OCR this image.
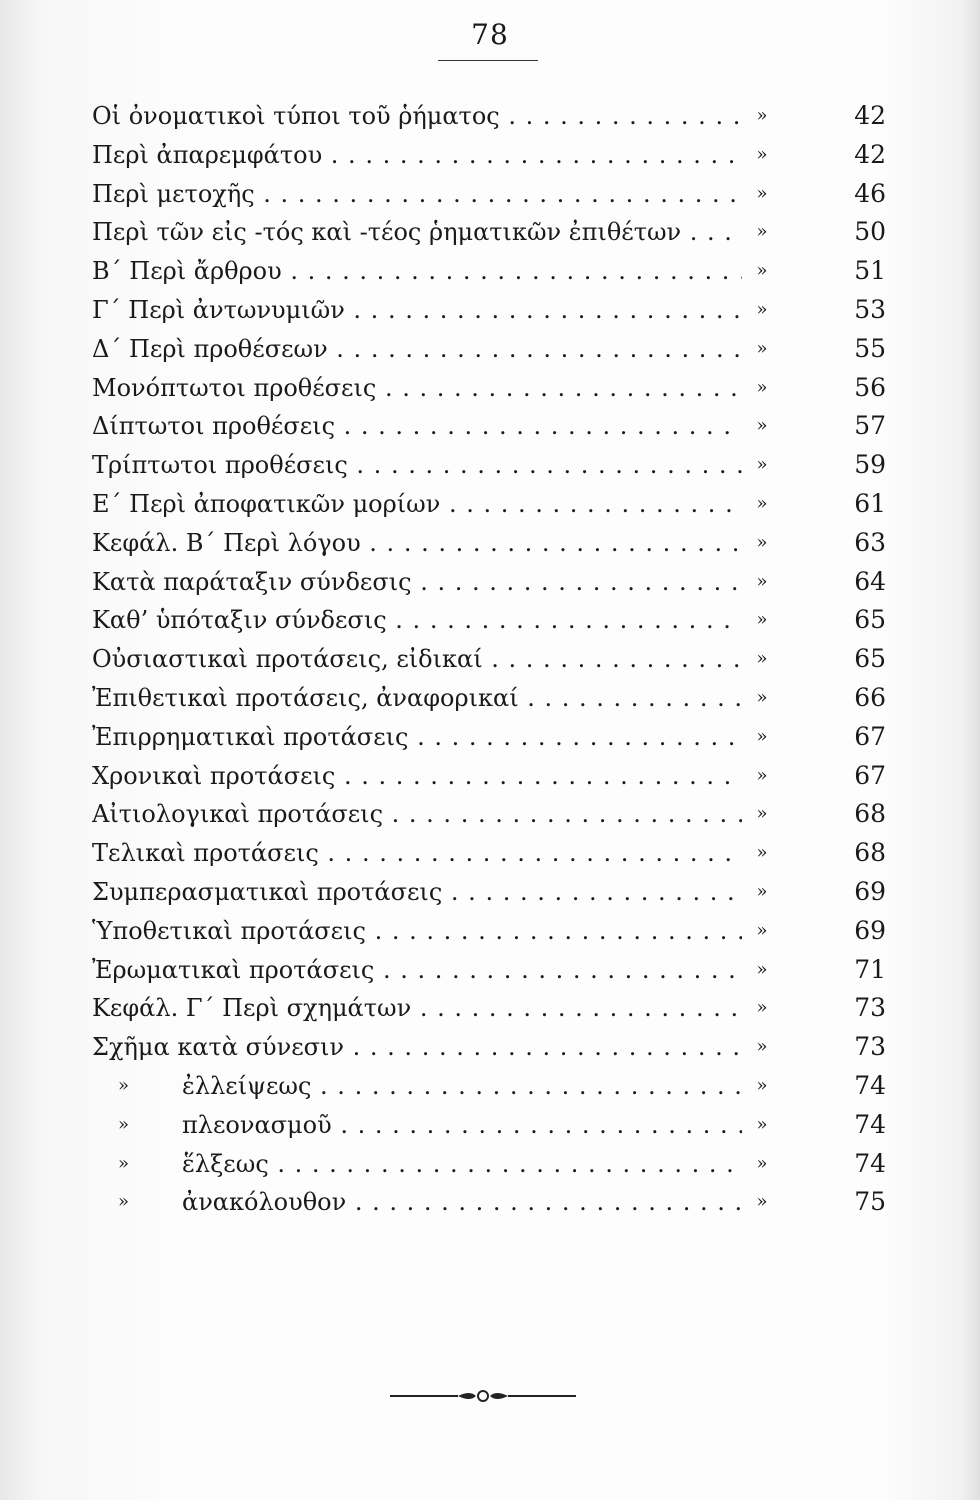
78
Οἱ ὀνοματικοὶ τύποι τοῦ ῥήματος . . .	»	42
Περὶ ἀπαρεμφάτου . . .	»	42
Περὶ μετοχῆς . . .	»	46
Περὶ τῶν εἰς -τός καὶ -τέος ῥηματικῶν ἐπιθέτων . . .	»	50
Β΄ Περὶ ἄρθρου . . .	»	51
Γ΄ Περὶ ἀντωνυμιῶν . . .	»	53
Δ΄ Περὶ προθέσεων . . .	»	55
Μονόπτωτοι προθέσεις . . .	»	56
Δίπτωτοι προθέσεις . . .	»	57
Τρίπτωτοι προθέσεις . . .	»	59
Ε΄ Περὶ ἀποφατικῶν μορίων . . .	»	61
Κεφάλ. Β΄ Περὶ λόγου . . .	»	63
Κατὰ παράταξιν σύνδεσις . . .	»	64
Καθ’ ὑπόταξιν σύνδεσις . . .	»	65
Οὐσιαστικαὶ προτάσεις, εἰδικαί . . .	»	65
Ἐπιθετικαὶ προτάσεις, ἀναφορικαί . . .	»	66
Ἐπιρρηματικαὶ προτάσεις . . .	»	67
Χρονικαὶ προτάσεις . . .	»	67
Αἰτιολογικαὶ προτάσεις . . .	»	68
Τελικαὶ προτάσεις . . .	»	68
Συμπερασματικαὶ προτάσεις . . .	»	69
Ὑποθετικαὶ προτάσεις . . .	»	69
Ἐρωματικαὶ προτάσεις . . .	»	71
Κεφάλ. Γ΄ Περὶ σχημάτων . . .	»	73
Σχῆμα κατὰ σύνεσιν . . .	»	73
» ἐλλείψεως . . .	»	74
» πλεονασμοῦ . . .	»	74
» ἕλξεως . . .	»	74
» ἀνακόλουθον . . .	»	75
